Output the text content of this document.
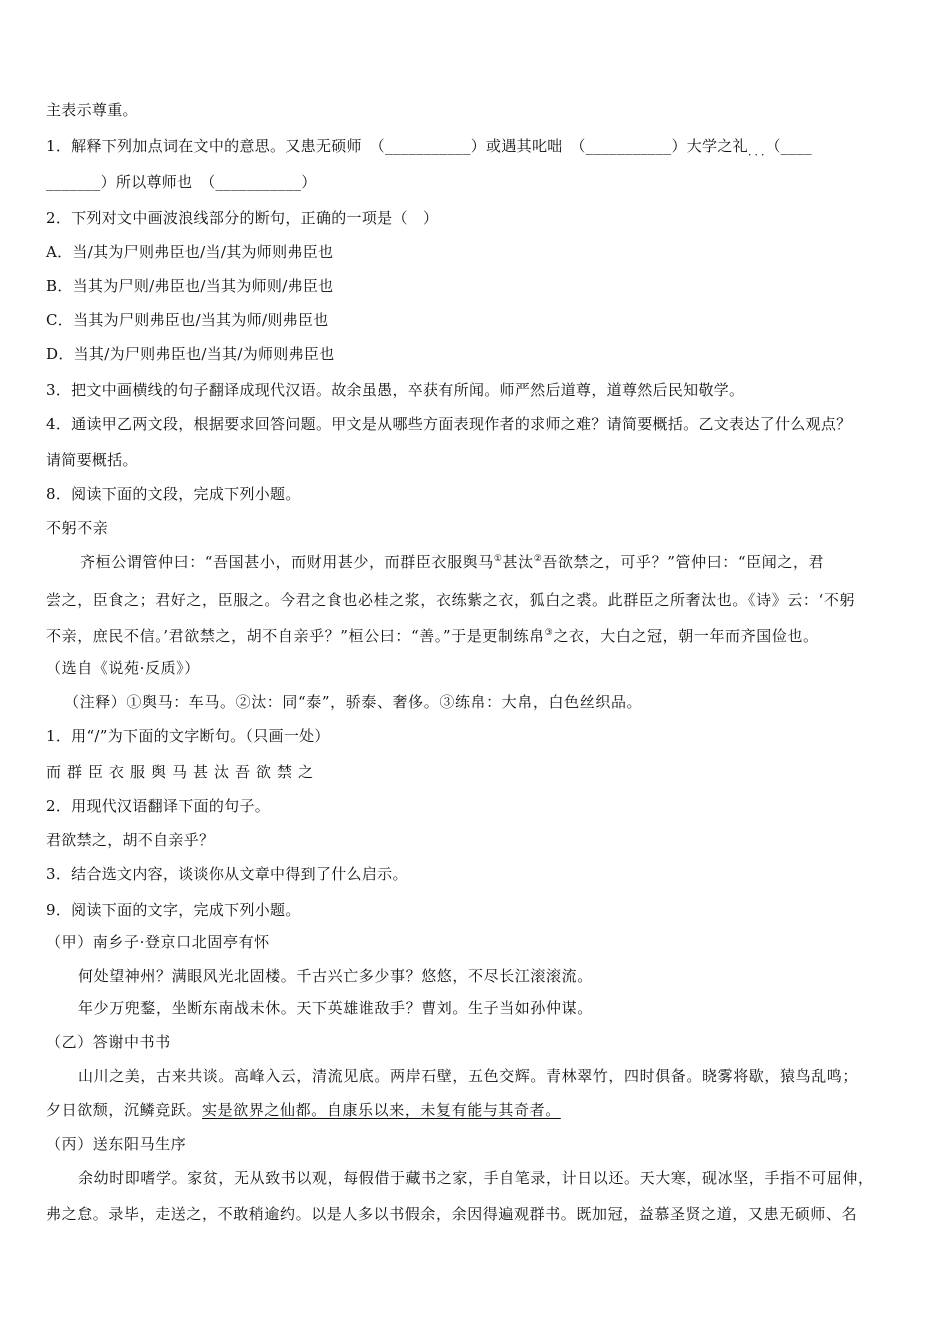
主表示尊重。
1．解释下列加点词在文中的意思。又患无硕师　（___________）或遇其叱咄　（___________）大学之礼$_{...}$（____
_______）所以尊师也　（___________）
2．下列对文中画波浪线部分的断句，正确的一项是（　）
A．当/其为尸则弗臣也/当/其为师则弗臣也
B．当其为尸则/弗臣也/当其为师则/弗臣也
C．当其为尸则弗臣也/当其为师/则弗臣也
D．当其/为尸则弗臣也/当其/为师则弗臣也
3．把文中画横线的句子翻译成现代汉语。故余虽愚，卒获有所闻。师严然后道尊，道尊然后民知敬学。
4．通读甲乙两文段，根据要求回答问题。甲文是从哪些方面表现作者的求师之难？请简要概括。乙文表达了什么观点？
请简要概括。
8．阅读下面的文段，完成下列小题。
不躬不亲
齐桓公谓管仲曰：“吾国甚小，而财用甚少，而群臣衣服舆马①甚汰②吾欲禁之，可乎？”管仲曰：“臣闻之，君
尝之，臣食之；君好之，臣服之。今君之食也必桂之浆，衣练紫之衣，狐白之裘。此群臣之所奢汰也。《诗》云：‘不躬
不亲，庶民不信。’君欲禁之，胡不自亲乎？”桓公曰：“善。”于是更制练帛③之衣，大白之冠，朝一年而齐国俭也。
（选自《说苑·反质》）
（注释）①舆马：车马。②汰：同“泰”，骄泰、奢侈。③练帛：大帛，白色丝织品。
1．用“/”为下面的文字断句。（只画一处）
而群臣衣服舆马甚汰吾欲禁之
2．用现代汉语翻译下面的句子。
君欲禁之，胡不自亲乎？
3．结合选文内容，谈谈你从文章中得到了什么启示。
9．阅读下面的文字，完成下列小题。
（甲）南乡子·登京口北固亭有怀
何处望神州？满眼风光北固楼。千古兴亡多少事？悠悠，不尽长江滚滚流。
年少万兜鍪，坐断东南战未休。天下英雄谁敌手？曹刘。生子当如孙仲谋。
（乙）答谢中书书
山川之美，古来共谈。高峰入云，清流见底。两岸石壁，五色交辉。青林翠竹，四时俱备。晓雾将歇，猿鸟乱鸣；
夕日欲颓，沉鳞竞跃。实是欲界之仙都。自康乐以来，未复有能与其奇者。
（丙）送东阳马生序
余幼时即嗜学。家贫，无从致书以观，每假借于藏书之家，手自笔录，计日以还。天大寒，砚冰坚，手指不可屈伸，
弗之怠。录毕，走送之，不敢稍逾约。以是人多以书假余，余因得遍观群书。既加冠，益慕圣贤之道，又患无硕师、名
